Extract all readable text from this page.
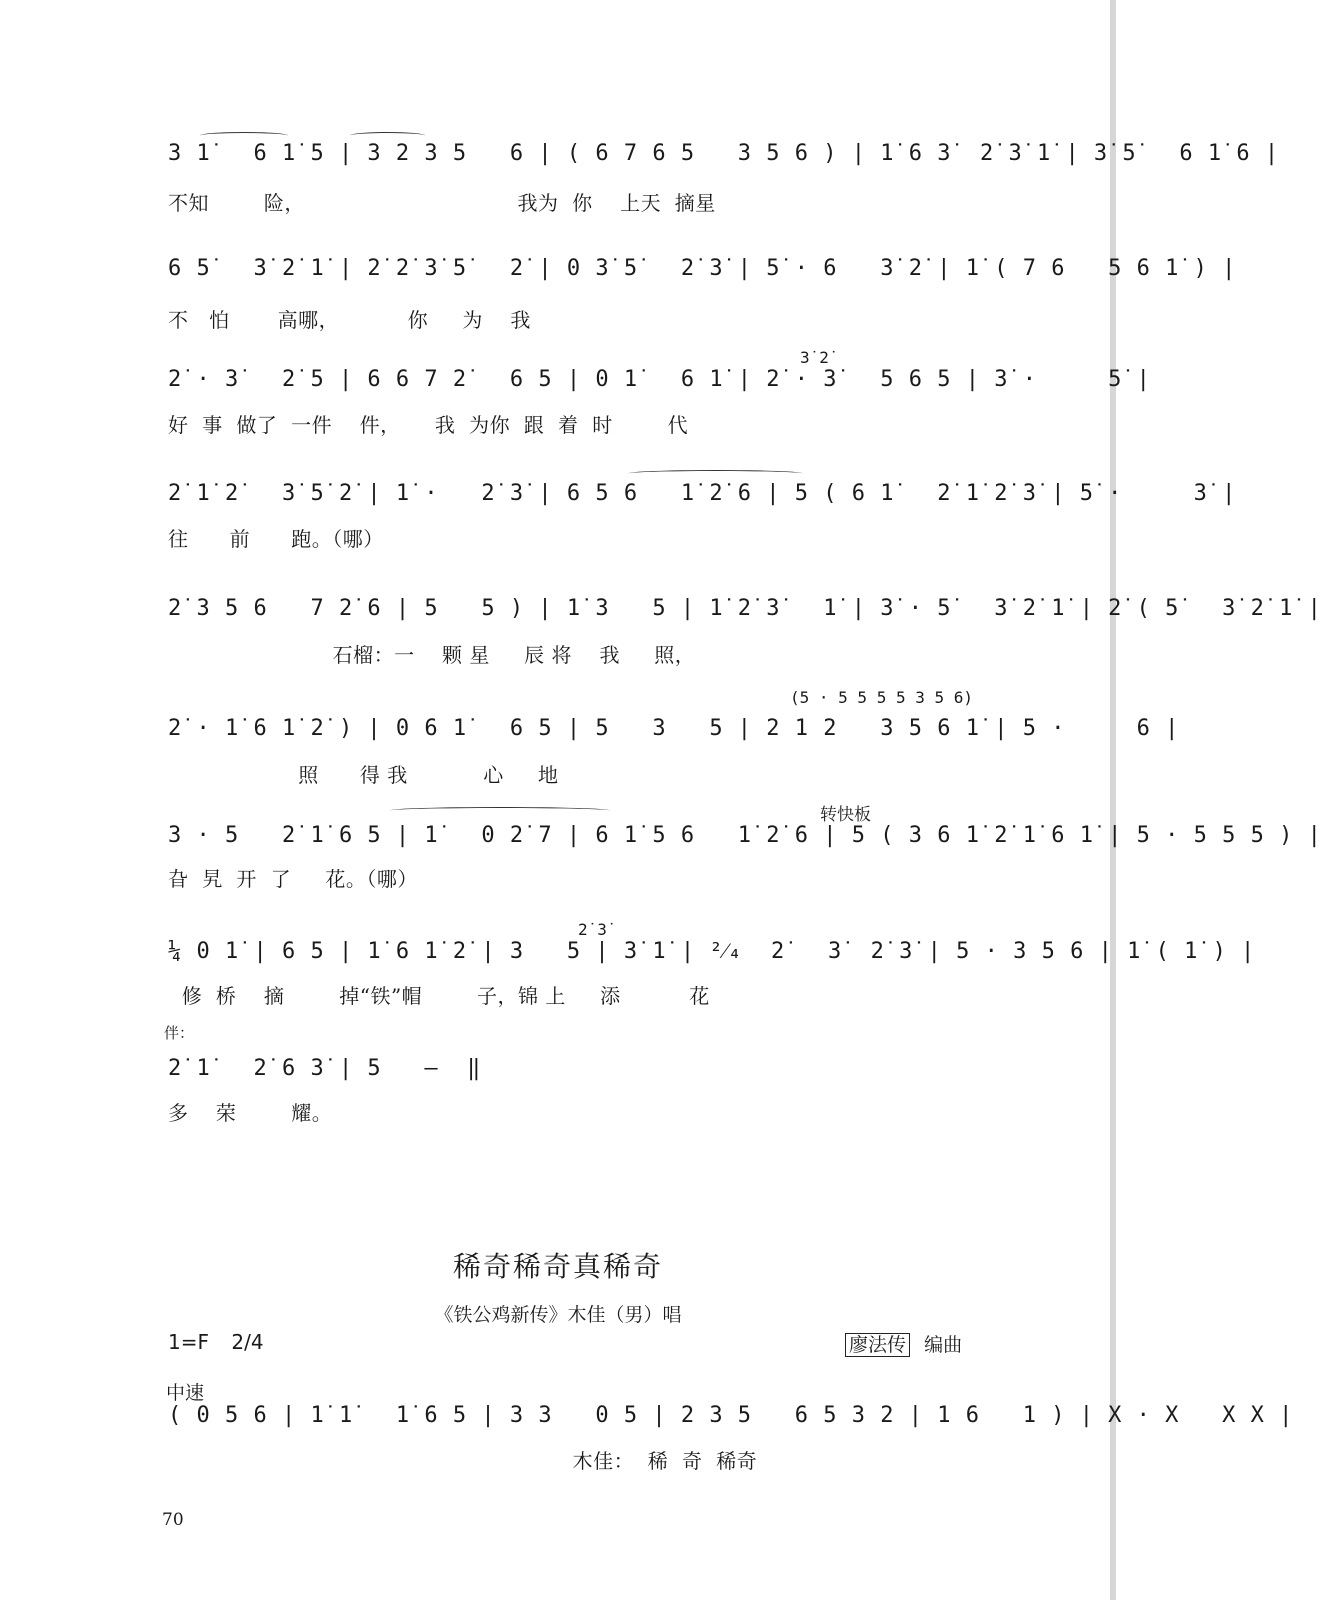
3 1̇   6 1̇ 5 | 3 2 3 5   6 | ( 6 7 6 5   3 5 6 ) | 1̇ 6 3̇  2̇ 3̇ 1̇ | 3̇ 5̇   6 1̇ 6 |
不知        险，                               我为  你    上天  摘星
6 5̇   3̇ 2̇ 1̇ | 2̇ 2̇ 3̇ 5̇   2̇ | 0 3̇ 5̇   2̇ 3̇ | 5̇ · 6   3̇ 2̇ | 1̇ ( 7 6   5 6 1̇ ) |
不   怕       高哪，          你     为    我
3̇ 2̇
2̇ · 3̇   2̇ 5 | 6 6 7 2̇   6 5 | 0 1̇   6 1̇ | 2̇ · 3̇   5 6 5 | 3̇ ·     5̇ |
好  事  做了  一件    件，     我  为你  跟  着  时        代
2̇ 1̇ 2̇   3̇ 5̇ 2̇ | 1̇ ·   2̇ 3̇ | 6 5 6   1̇ 2̇ 6 | 5 ( 6 1̇   2̇ 1̇ 2̇ 3̇ | 5̇ ·     3̇ |
往      前      跑。（哪）
2̇ 3 5 6   7 2̇ 6 | 5   5 ) | 1̇ 3   5 | 1̇ 2̇ 3̇   1̇ | 3̇ · 5̇   3̇ 2̇ 1̇ | 2̇ ( 5̇   3̇ 2̇ 1̇ |
石榴：一    颗 星     辰 将    我     照，
(5 · 5 5 5 5 3 5 6)
2̇ · 1̇ 6 1̇ 2̇ ) | 0 6 1̇   6 5 | 5   3   5 | 2 1 2   3 5 6 1̇ | 5 ·     6 |
照      得 我           心     地
转快板
3 · 5   2̇ 1̇ 6 5 | 1̇   0 2̇ 7 | 6 1̇ 5 6   1̇ 2̇ 6 | 5 ( 3 6 1̇ 2̇ 1̇ 6 1̇ | 5 · 5 5 5 ) |
旮  旯  开  了     花。（哪）
2̇ 3̇
¼ 0 1̇ | 6 5 | 1̇ 6 1̇ 2̇ | 3   5 | 3̇ 1̇ | ²⁄₄  2̇   3̇  2̇ 3̇ | 5 · 3 5 6 | 1̇ ( 1̇ ) |
修  桥    摘        掉“铁”帽        子，锦 上     添          花
伴：
2̇ 1̇   2̇ 6 3̇ | 5   —  ‖
多    荣        耀。
稀奇稀奇真稀奇
《铁公鸡新传》木佳（男）唱
1=F 2/4	廖法传 编曲
中速
( 0 5 6 | 1̇ 1̇   1̇ 6 5 | 3 3   0 5 | 2 3 5   6 5 3 2 | 1 6   1 ) | X · X   X X |
木佳：  稀  奇  稀奇
70
